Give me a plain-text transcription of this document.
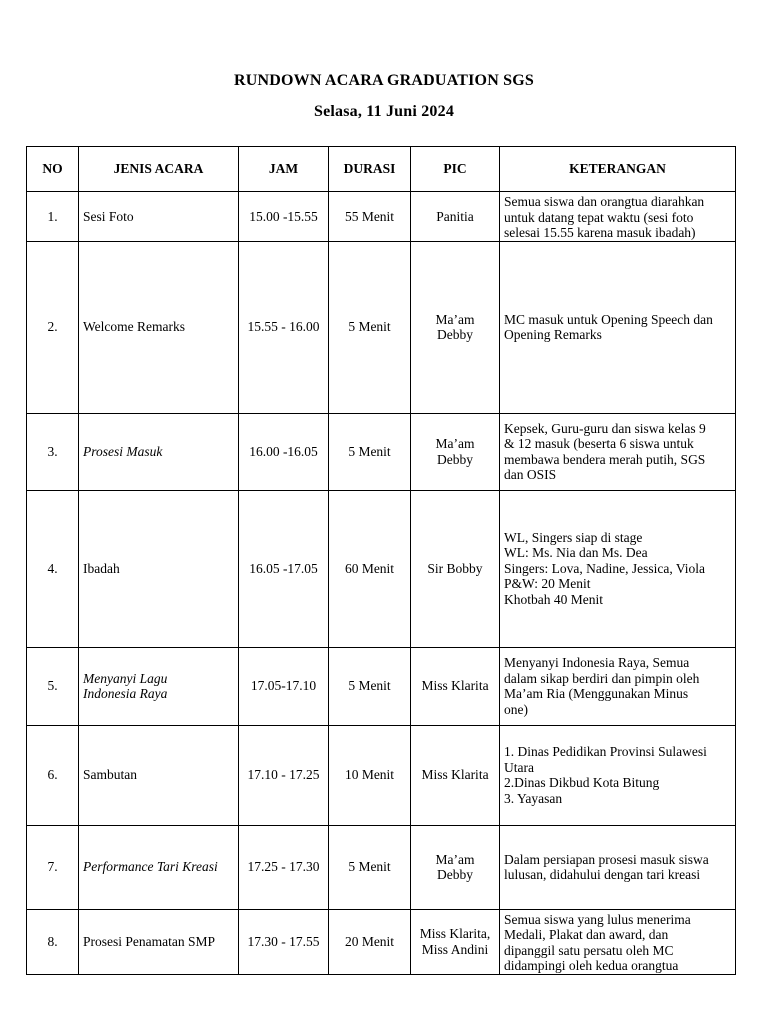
RUNDOWN ACARA GRADUATION SGS
Selasa, 11 Juni 2024
NO	JENIS ACARA	JAM	DURASI	PIC	KETERANGAN
1.	Sesi Foto	15.00 -15.55	55 Menit	Panitia	Semua siswa dan orangtua diarahkan
untuk datang tepat waktu (sesi foto
selesai 15.55 karena masuk ibadah)

2.	Welcome Remarks	15.55 - 16.00	5 Menit	Ma’am
Debby	MC masuk untuk Opening Speech dan
Opening Remarks

3.	Prosesi Masuk	16.00 -16.05	5 Menit	Ma’am
Debby	Kepsek, Guru-guru dan siswa kelas 9
& 12 masuk (beserta 6 siswa untuk
membawa bendera merah putih, SGS
dan OSIS

4.	Ibadah	16.05 -17.05	60 Menit	Sir Bobby	WL, Singers siap di stage
WL: Ms. Nia dan Ms. Dea
Singers: Lova, Nadine, Jessica, Viola
P&W: 20 Menit
Khotbah 40 Menit

5.	Menyanyi Lagu
Indonesia Raya	17.05-17.10	5 Menit	Miss Klarita	Menyanyi Indonesia Raya, Semua
dalam sikap berdiri dan pimpin oleh
Ma’am Ria (Menggunakan Minus
one)

6.	Sambutan	17.10 - 17.25	10 Menit	Miss Klarita	1. Dinas Pedidikan Provinsi Sulawesi
Utara
2.Dinas Dikbud Kota Bitung
3. Yayasan

7.	Performance Tari Kreasi	17.25 - 17.30	5 Menit	Ma’am
Debby	Dalam persiapan prosesi masuk siswa
lulusan, didahului dengan tari kreasi

8.	Prosesi Penamatan SMP	17.30 - 17.55	20 Menit	Miss Klarita,
Miss Andini	Semua siswa yang lulus menerima
Medali, Plakat dan award, dan
dipanggil satu persatu oleh MC
didampingi oleh kedua orangtua
